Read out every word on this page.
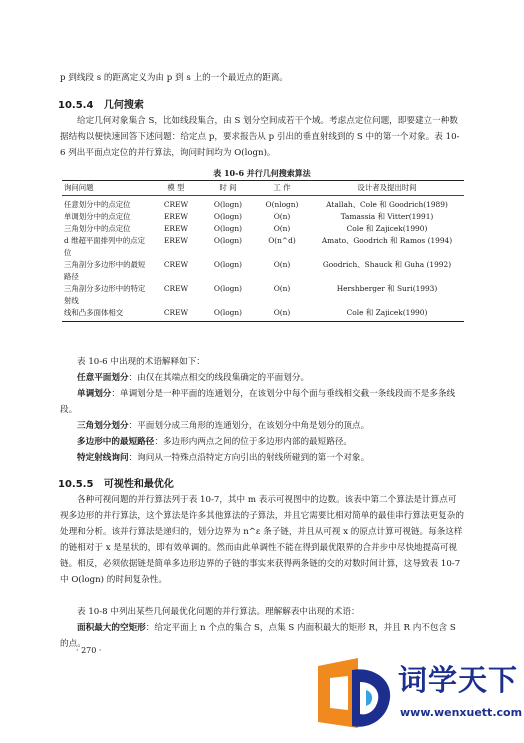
p 到线段 s 的距离定义为由 p 到 s 上的一个最近点的距离。

10.5.4 几何搜索

给定几何对象集合 S，比如线段集合，由 S 划分空间成若干个域。考虑点定位问题，即要建立一种数据结构以便快速回答下述问题：给定点 p，要求报告从 p 引出的垂直射线到的 S 中的第一个对象。表 10-6 列出平面点定位的并行算法，询问时间均为 O(logn)。

表 10-6 并行几何搜索算法

询问问题	模 型	时 间	工 作	设计者及提出时间
任意划分中的点定位	CREW	O(logn)	O(nlogn)	Atallah、Cole 和 Goodrich(1989)
单调划分中的点定位	EREW	O(logn)	O(n)	Tamassia 和 Vitter(1991)
三角划分中的点定位	EREW	O(logn)	O(n)	Cole 和 Zajicek(1990)
d 维超平面排列中的点定位	EREW	O(logn)	O(n^d)	Amato、Goodrich 和 Ramos (1994)
三角剖分多边形中的最短路径	CREW	O(logn)	O(n)	Goodrich、Shauck 和 Guha (1992)
三角剖分多边形中的特定射线	CREW	O(logn)	O(n)	Hershberger 和 Suri(1993)
线和凸多面体相交	CREW	O(logn)	O(n)	Cole 和 Zajicek(1990)

表 10-6 中出现的术语解释如下：

任意平面划分：由仅在其端点相交的线段集确定的平面划分。

单调划分：单调划分是一种平面的连通划分，在该划分中每个面与垂线相交截一条线段而不是多条线段。

三角划分划分：平面划分成三角形的连通划分，在该划分中角是划分的顶点。

多边形中的最短路径：多边形内两点之间的位于多边形内部的最短路径。

特定射线询问：询问从一特殊点沿特定方向引出的射线所碰到的第一个对象。

10.5.5 可视性和最优化

各种可视问题的并行算法列于表 10-7，其中 m 表示可视图中的边数。该表中第二个算法是计算点可视多边形的并行算法，这个算法是许多其他算法的子算法，并且它需要比相对简单的最佳串行算法更复杂的处理和分析。该并行算法是递归的，划分边界为 n^ε 条子链，并且从可视 x 的原点计算可视链。每条这样的链相对于 x 是星状的，即有效单调的。然而由此单调性不能在得到最优限界的合并步中尽快地提高可视链。相反，必须依据链是简单多边形边界的子链的事实来获得两条链的交的对数时间计算，这导致表 10-7 中 O(logn) 的时间复杂性。

表 10-8 中列出某些几何最优化问题的并行算法。理解解表中出现的术语：

面积最大的空矩形：给定平面上 n 个点的集合 S，点集 S 内面积最大的矩形 R，并且 R 内不包含 S 的点。

· 270 ·

词学天下
www.wenxuett.com
